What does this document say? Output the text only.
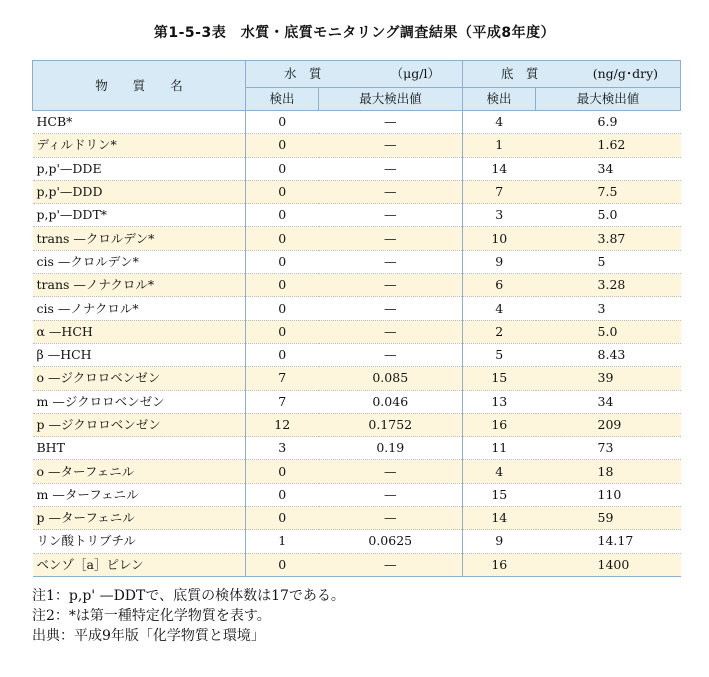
第1-5-3表　水質・底質モニタリング調査結果（平成8年度）
物　　質　　名	水　質 （μg/l）		底　質 (ng/g･dry)	

	検出	最大検出値	検出	最大検出値
HCB*	0	—	4	6.9
ディルドリン*	0	—	1	1.62
p,p'—DDE	0	—	14	34
p,p'—DDD	0	—	7	7.5
p,p'—DDT*	0	—	3	5.0
trans —クロルデン*	0	—	10	3.87
cis —クロルデン*	0	—	9	5
trans —ノナクロル*	0	—	6	3.28
cis —ノナクロル*	0	—	4	3
α —HCH	0	—	2	5.0
β —HCH	0	—	5	8.43
o —ジクロロベンゼン	7	0.085	15	39
m —ジクロロベンゼン	7	0.046	13	34
p —ジクロロベンゼン	12	0.1752	16	209
BHT	3	0.19	11	73
o —ターフェニル	0	—	4	18
m —ターフェニル	0	—	15	110
p —ターフェニル	0	—	14	59
リン酸トリブチル	1	0.0625	9	14.17
ベンゾ［a］ピレン	0	—	16	1400
注1：p,p' —DDTで、底質の検体数は17である。
注2：*は第一種特定化学物質を表す。
出典：平成9年版「化学物質と環境」
